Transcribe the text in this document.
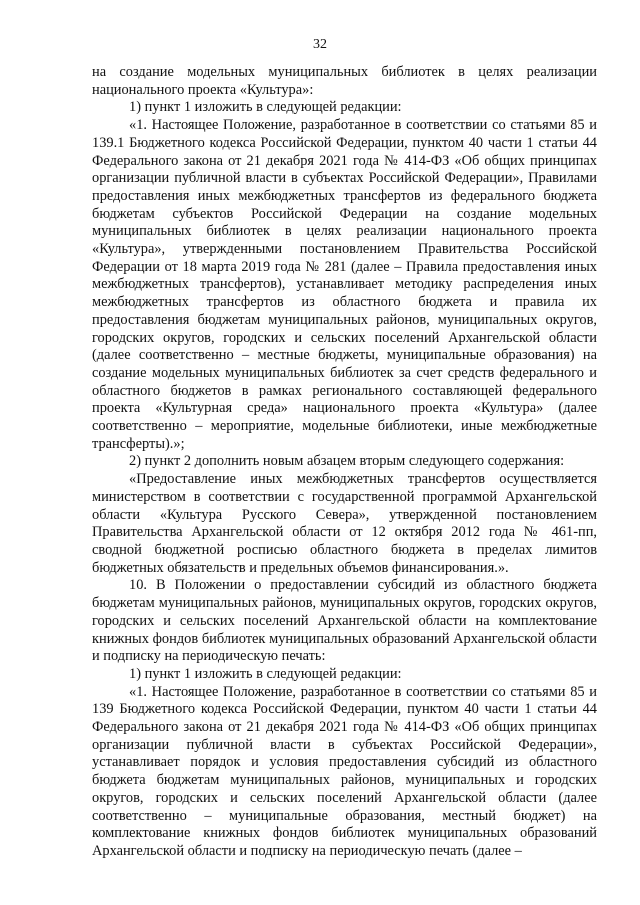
32

на создание модельных муниципальных библиотек в целях реализации национального проекта «Культура»:

1) пункт 1 изложить в следующей редакции:

«1. Настоящее Положение, разработанное в соответствии со статьями 85 и 139.1 Бюджетного кодекса Российской Федерации, пунктом 40 части 1 статьи 44 Федерального закона от 21 декабря 2021 года № 414-ФЗ «Об общих принципах организации публичной власти в субъектах Российской Федерации», Правилами предоставления иных межбюджетных трансфертов из федерального бюджета бюджетам субъектов Российской Федерации на создание модельных муниципальных библиотек в целях реализации национального проекта «Культура», утвержденными постановлением Правительства Российской Федерации от 18 марта 2019 года № 281 (далее – Правила предоставления иных межбюджетных трансфертов), устанавливает методику распределения иных межбюджетных трансфертов из областного бюджета и правила их предоставления бюджетам муниципальных районов, муниципальных округов, городских округов, городских и сельских поселений Архангельской области (далее соответственно – местные бюджеты, муниципальные образования) на создание модельных муниципальных библиотек за счет средств федерального и областного бюджетов в рамках регионального составляющей федерального проекта «Культурная среда» национального проекта «Культура» (далее соответственно – мероприятие, модельные библиотеки, иные межбюджетные трансферты).»;

2) пункт 2 дополнить новым абзацем вторым следующего содержания:

«Предоставление иных межбюджетных трансфертов осуществляется министерством в соответствии с государственной программой Архангельской области «Культура Русского Севера», утвержденной постановлением Правительства Архангельской области от 12 октября 2012 года № 461-пп, сводной бюджетной росписью областного бюджета в пределах лимитов бюджетных обязательств и предельных объемов финансирования.».

10. В Положении о предоставлении субсидий из областного бюджета бюджетам муниципальных районов, муниципальных округов, городских округов, городских и сельских поселений Архангельской области на комплектование книжных фондов библиотек муниципальных образований Архангельской области и подписку на периодическую печать:

1) пункт 1 изложить в следующей редакции:

«1. Настоящее Положение, разработанное в соответствии со статьями 85 и 139 Бюджетного кодекса Российской Федерации, пунктом 40 части 1 статьи 44 Федерального закона от 21 декабря 2021 года № 414-ФЗ «Об общих принципах организации публичной власти в субъектах Российской Федерации», устанавливает порядок и условия предоставления субсидий из областного бюджета бюджетам муниципальных районов, муниципальных и городских округов, городских и сельских поселений Архангельской области (далее соответственно – муниципальные образования, местный бюджет) на комплектование книжных фондов библиотек муниципальных образований Архангельской области и подписку на периодическую печать (далее –
